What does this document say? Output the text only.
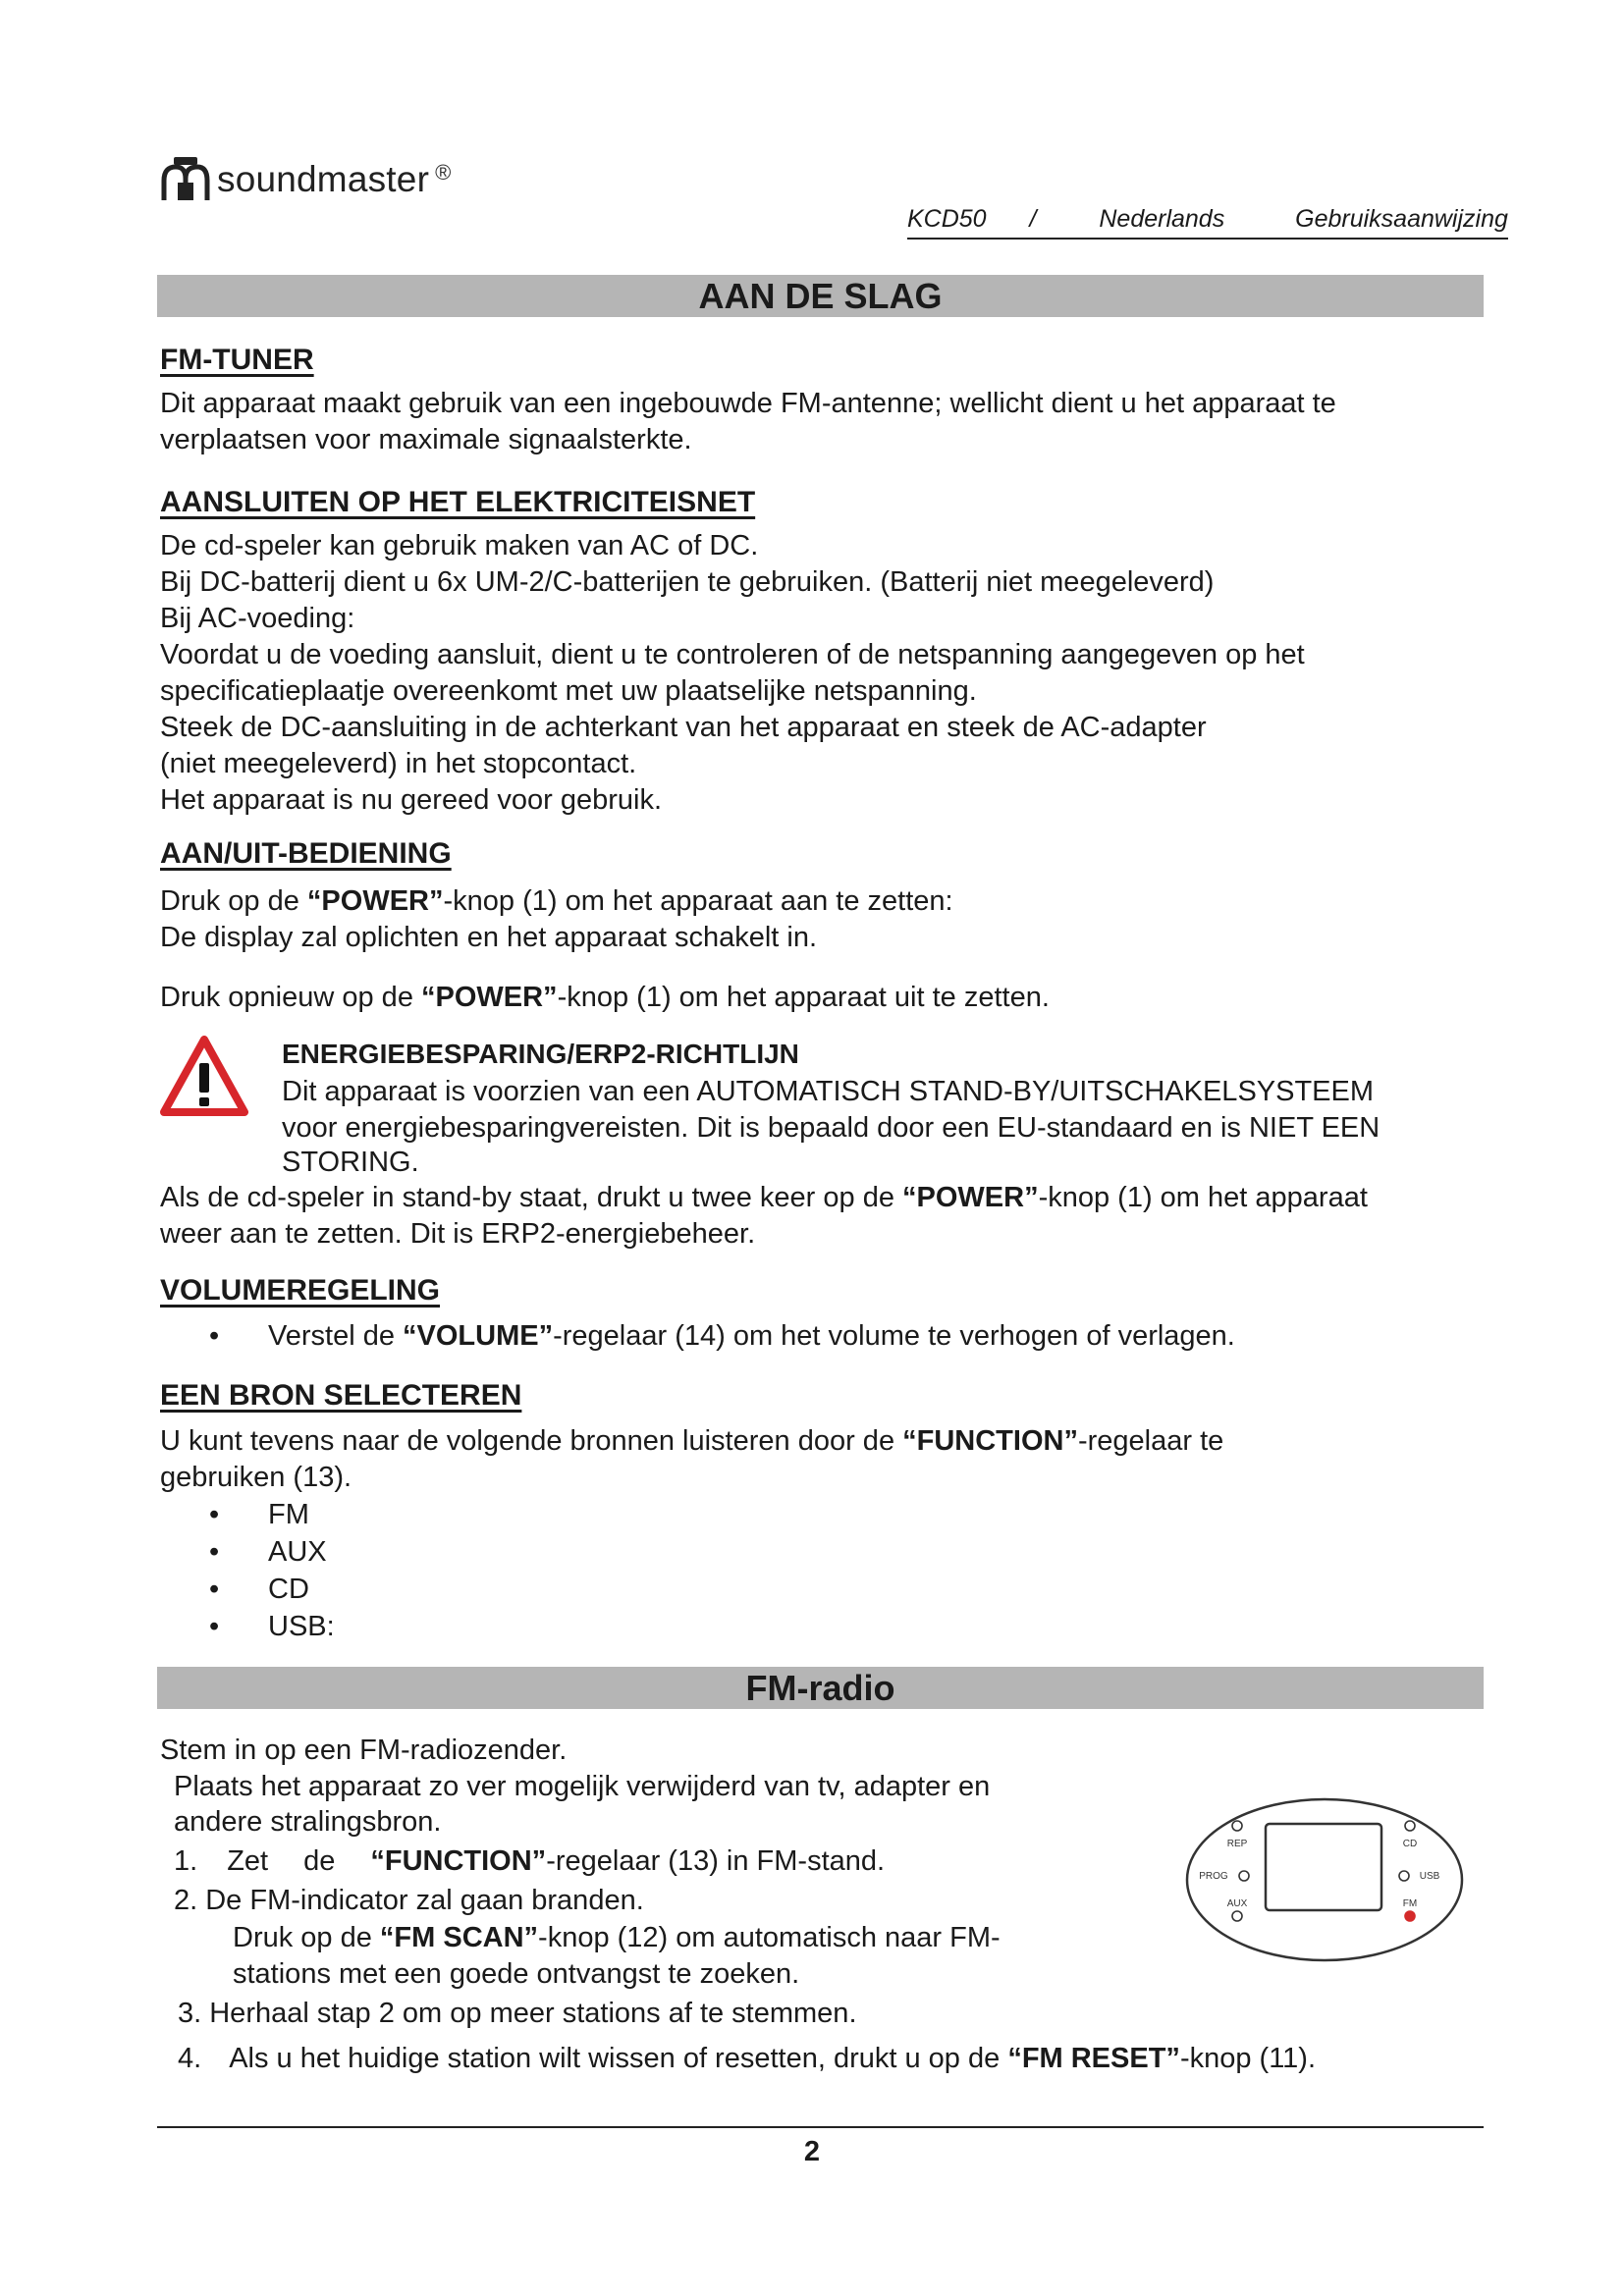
soundmaster ®
KCD50 /	Nederlands	Gebruiksaanwijzing
AAN DE SLAG
FM-TUNER
Dit apparaat maakt gebruik van een ingebouwde FM-antenne; wellicht dient u het apparaat te
verplaatsen voor maximale signaalsterkte.
AANSLUITEN OP HET ELEKTRICITEISNET
De cd-speler kan gebruik maken van AC of DC.
Bij DC-batterij dient u 6x UM-2/C-batterijen te gebruiken. (Batterij niet meegeleverd)
Bij AC-voeding:
Voordat u de voeding aansluit, dient u te controleren of de netspanning aangegeven op het
specificatieplaatje overeenkomt met uw plaatselijke netspanning.
Steek de DC-aansluiting in de achterkant van het apparaat en steek de AC-adapter
(niet meegeleverd) in het stopcontact.
Het apparaat is nu gereed voor gebruik.
AAN/UIT-BEDIENING
Druk op de “POWER”-knop (1) om het apparaat aan te zetten:
De display zal oplichten en het apparaat schakelt in.
Druk opnieuw op de “POWER”-knop (1) om het apparaat uit te zetten.
ENERGIEBESPARING/ERP2-RICHTLIJN
Dit apparaat is voorzien van een AUTOMATISCH STAND-BY/UITSCHAKELSYSTEEM
voor energiebesparingvereisten. Dit is bepaald door een EU-standaard en is NIET EEN
STORING.
Als de cd-speler in stand-by staat, drukt u twee keer op de “POWER”-knop (1) om het apparaat
weer aan te zetten. Dit is ERP2-energiebeheer.
VOLUMEREGELING
• Verstel de “VOLUME”-regelaar (14) om het volume te verhogen of verlagen.
EEN BRON SELECTEREN
U kunt tevens naar de volgende bronnen luisteren door de “FUNCTION”-regelaar te
gebruiken (13).
• FM
• AUX
• CD
• USB:
FM-radio
Stem in op een FM-radiozender.
Plaats het apparaat zo ver mogelijk verwijderd van tv, adapter en
andere stralingsbron.
1. Zet de “FUNCTION”-regelaar (13) in FM-stand.
2. De FM-indicator zal gaan branden.
Druk op de “FM SCAN”-knop (12) om automatisch naar FM-
stations met een goede ontvangst te zoeken.
3. Herhaal stap 2 om op meer stations af te stemmen.
4. Als u het huidige station wilt wissen of resetten, drukt u op de “FM RESET”-knop (11).
REP
PROG
AUX
CD
USB
FM
2
